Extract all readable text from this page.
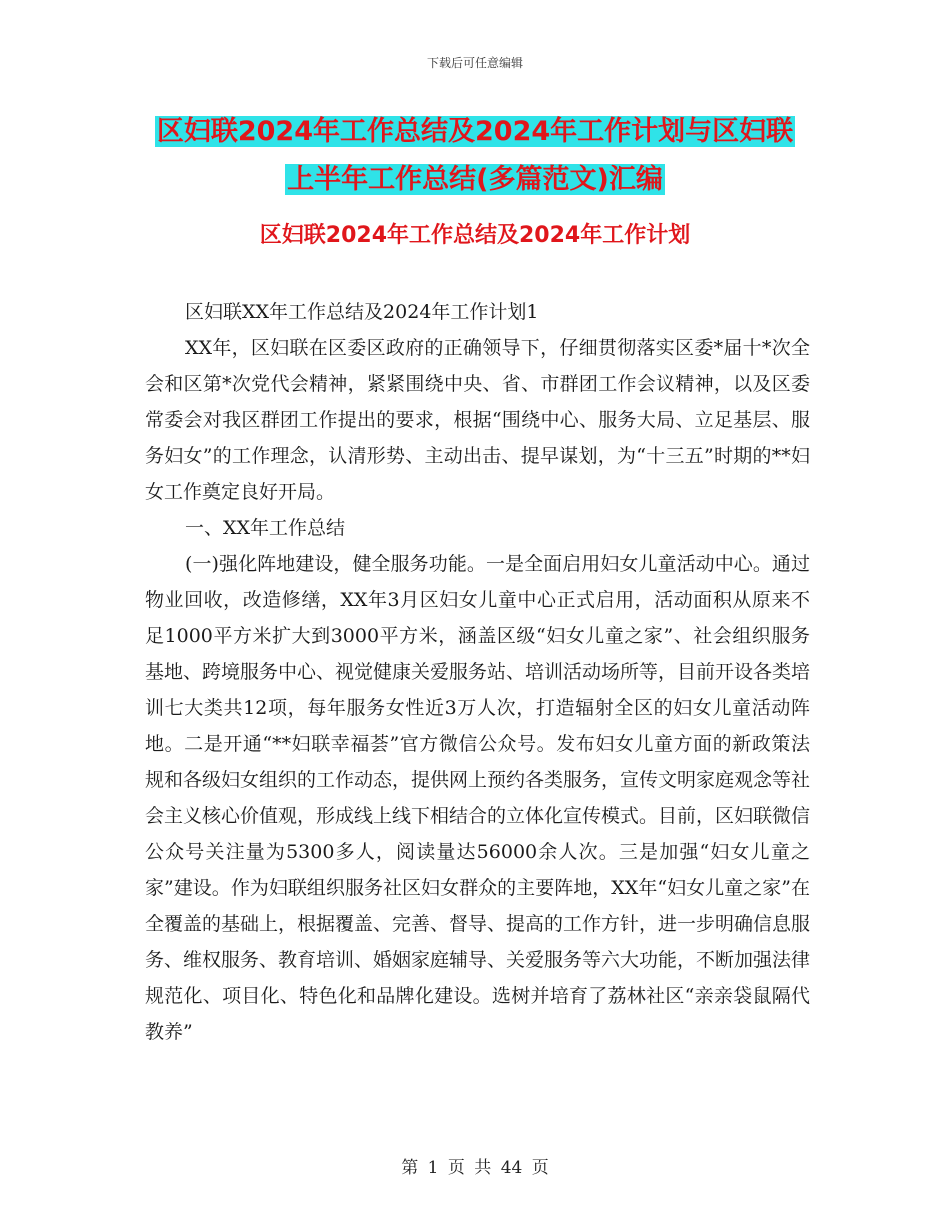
下载后可任意编辑
区妇联2024年工作总结及2024年工作计划与区妇联
上半年工作总结(多篇范文)汇编
区妇联2024年工作总结及2024年工作计划

区妇联XX年工作总结及2024年工作计划1

XX年，区妇联在区委区政府的正确领导下，仔细贯彻落实区委*届十*次全会和区第*次党代会精神，紧紧围绕中央、省、市群团工作会议精神，以及区委常委会对我区群团工作提出的要求，根据“围绕中心、服务大局、立足基层、服务妇女”的工作理念，认清形势、主动出击、提早谋划，为“十三五”时期的**妇女工作奠定良好开局。

一、XX年工作总结

(一)强化阵地建设，健全服务功能。一是全面启用妇女儿童活动中心。通过物业回收，改造修缮，XX年3月区妇女儿童中心正式启用，活动面积从原来不足1000平方米扩大到3000平方米，涵盖区级“妇女儿童之家”、社会组织服务基地、跨境服务中心、视觉健康关爱服务站、培训活动场所等，目前开设各类培训七大类共12项，每年服务女性近3万人次，打造辐射全区的妇女儿童活动阵地。二是开通“**妇联幸福荟”官方微信公众号。发布妇女儿童方面的新政策法规和各级妇女组织的工作动态，提供网上预约各类服务，宣传文明家庭观念等社会主义核心价值观，形成线上线下相结合的立体化宣传模式。目前，区妇联微信公众号关注量为5300多人，阅读量达56000余人次。三是加强“妇女儿童之家”建设。作为妇联组织服务社区妇女群众的主要阵地，XX年“妇女儿童之家”在全覆盖的基础上，根据覆盖、完善、督导、提高的工作方针，进一步明确信息服务、维权服务、教育培训、婚姻家庭辅导、关爱服务等六大功能，不断加强法律规范化、项目化、特色化和品牌化建设。选树并培育了荔林社区“亲亲袋鼠隔代教养”

第 1 页 共 44 页
